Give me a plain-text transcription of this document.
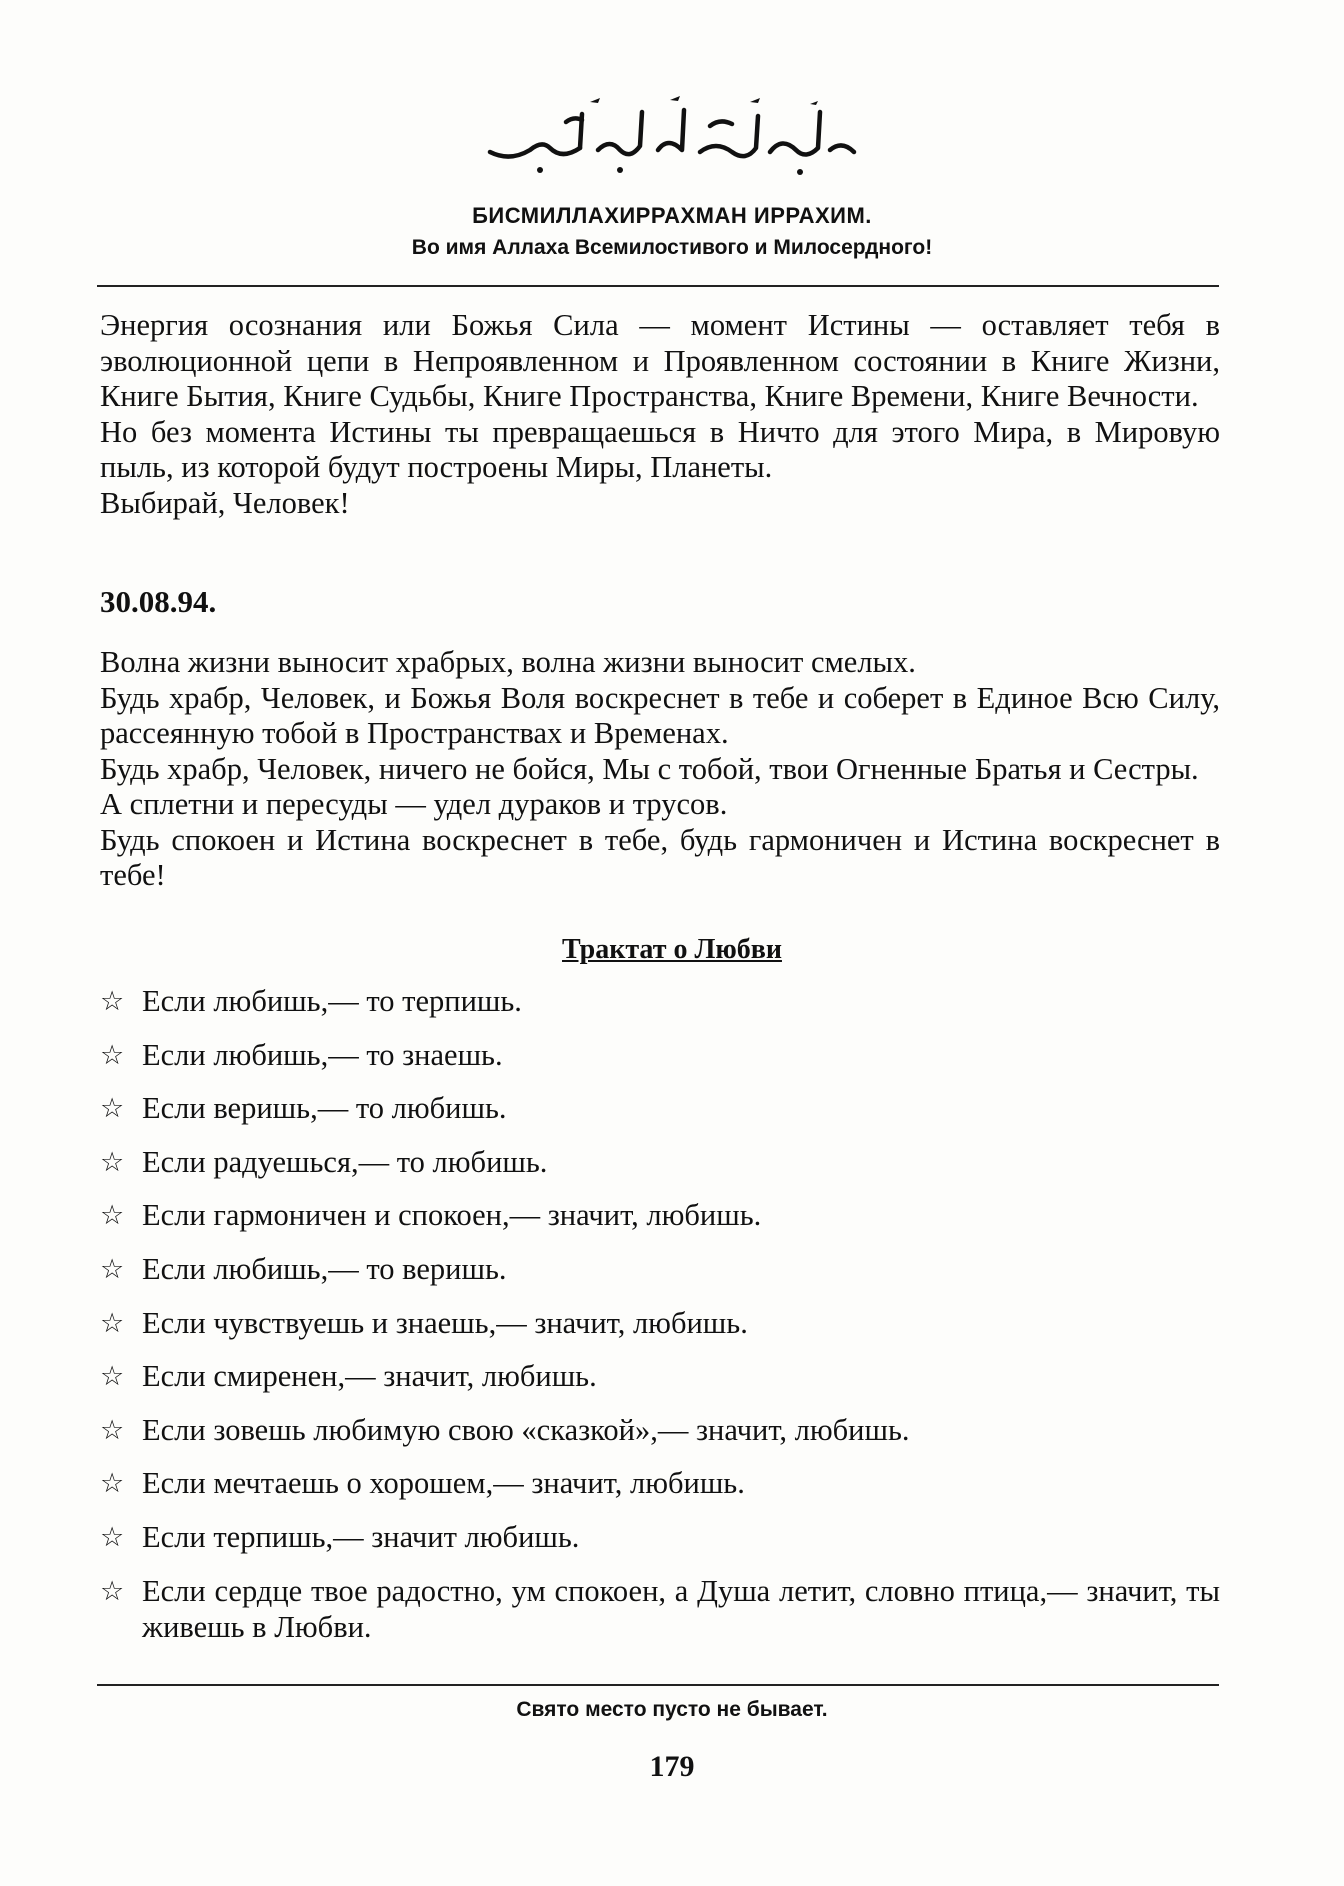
БИСМИЛЛАХИРРАХМАН ИРРАХИМ.
Во имя Аллаха Всемилостивого и Милосердного!

Энергия осознания или Божья Сила — момент Истины — оставляет тебя в эволюционной цепи в Непроявленном и Проявленном состоянии в Книге Жизни, Книге Бытия, Книге Судьбы, Книге Пространства, Книге Времени, Книге Вечности.

Но без момента Истины ты превращаешься в Ничто для этого Мира, в Мировую пыль, из которой будут построены Миры, Планеты.

Выбирай, Человек!

30.08.94.

Волна жизни выносит храбрых, волна жизни выносит смелых.

Будь храбр, Человек, и Божья Воля воскреснет в тебе и соберет в Единое Всю Силу, рассеянную тобой в Пространствах и Временах.

Будь храбр, Человек, ничего не бойся, Мы с тобой, твои Огненные Братья и Сестры.

А сплетни и пересуды — удел дураков и трусов.

Будь спокоен и Истина воскреснет в тебе, будь гармоничен и Истина воскреснет в тебе!

Трактат о Любви
☆ Если любишь,— то терпишь.
☆ Если любишь,— то знаешь.
☆ Если веришь,— то любишь.
☆ Если радуешься,— то любишь.
☆ Если гармоничен и спокоен,— значит, любишь.
☆ Если любишь,— то веришь.
☆ Если чувствуешь и знаешь,— значит, любишь.
☆ Если смиренен,— значит, любишь.
☆ Если зовешь любимую свою «сказкой»,— значит, любишь.
☆ Если мечтаешь о хорошем,— значит, любишь.
☆ Если терпишь,— значит любишь.
☆ Если сердце твое радостно, ум спокоен, а Душа летит, словно птица,— значит, ты живешь в Любви.
Свято место пусто не бывает.
179
